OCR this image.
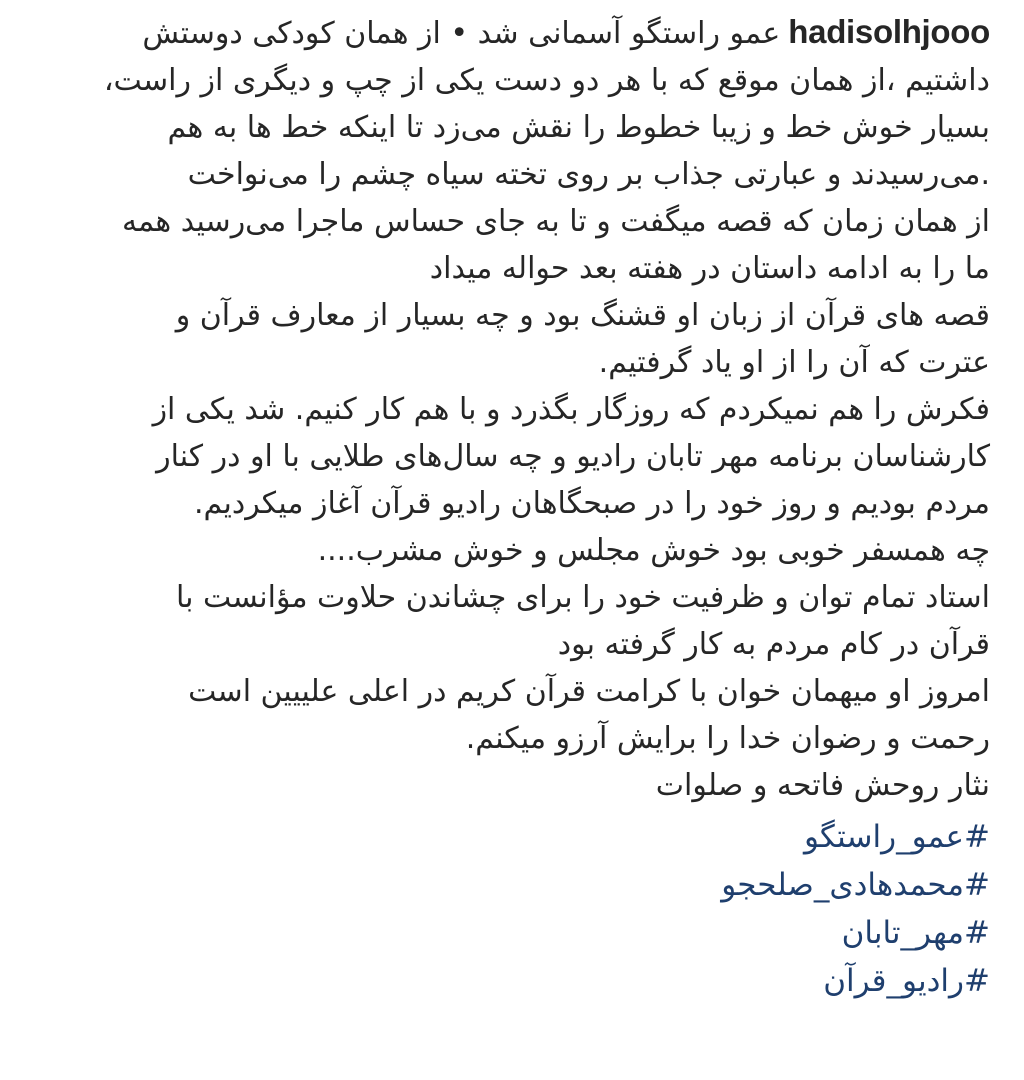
hadisolhjoooعمو راستگو آسمانی شد • از همان کودکی دوستش
داشتیم ،از همان موقع که با هر دو دست یکی از چپ و دیگری از راست،
بسیار خوش خط و زیبا خطوط را نقش می‌زد تا اینکه خط ها به هم
.می‌رسیدند و عبارتی جذاب بر روی تخته سیاه چشم را می‌نواخت
از همان زمان که قصه میگفت و تا به جای حساس ماجرا می‌رسید همه
ما را به ادامه داستان در هفته بعد حواله میداد
قصه های قرآن از زبان او قشنگ بود و چه بسیار از معارف قرآن و
عترت که آن را از او یاد گرفتیم.
فکرش را هم نمیکردم که روزگار بگذرد و با هم کار کنیم. شد یکی از
کارشناسان برنامه مهر تابان رادیو و چه سال‌های طلایی با او در کنار
مردم بودیم و روز خود را در صبحگاهان رادیو قرآن آغاز میکردیم.
چه همسفر خوبی بود خوش مجلس و خوش مشرب....
استاد تمام توان و ظرفیت خود را برای چشاندن حلاوت مؤانست با
قرآن در کام مردم به کار گرفته بود
امروز او میهمان خوان با کرامت قرآن کریم در اعلی علییین است
رحمت و رضوان خدا را برایش آرزو میکنم.
نثار روحش فاتحه و صلوات
#عمو_راستگو
#محمدهادی_صلحجو
#مهر_تابان
#رادیو_قرآن
